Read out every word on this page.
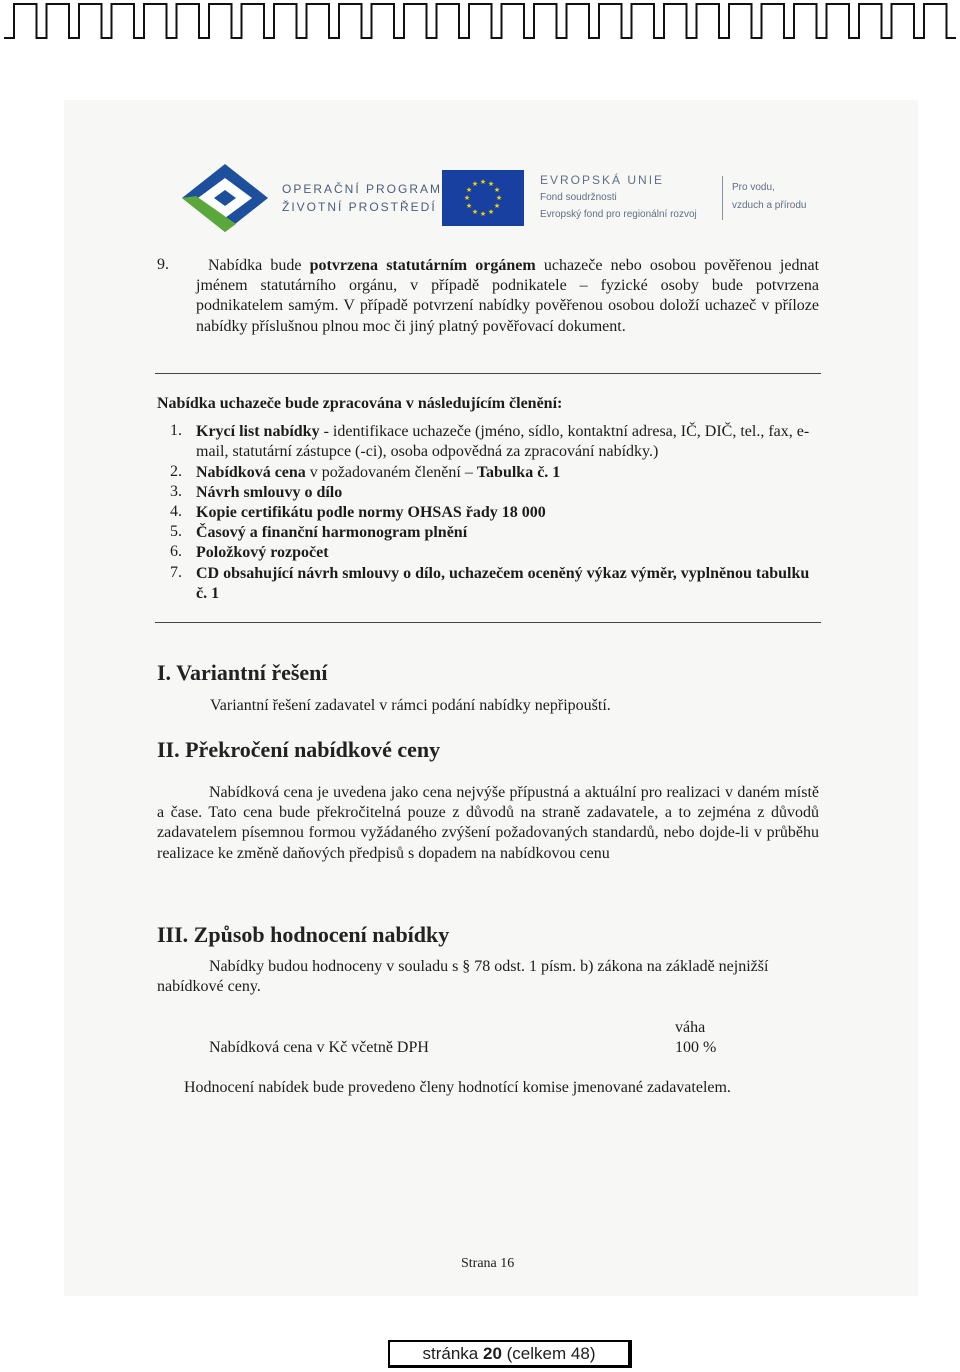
OPERAČNÍ PROGRAM
ŽIVOTNÍ PROSTŘEDÍ
★ ★
★
★
★
★
★
★
★
★
★
★	EVROPSKÁ UNIE
Fond soudržnosti
Evropský fond pro regionální rozvoj
Pro vodu,
vzduch a přírodu
9.	Nabídka bude potvrzena statutárním orgánem uchazeče nebo osobou pověřenou jednat jménem statutárního orgánu, v případě podnikatele – fyzické osoby bude potvrzena podnikatelem samým. V případě potvrzení nabídky pověřenou osobou doloží uchazeč v příloze nabídky příslušnou plnou moc či jiný platný pověřovací dokument.
Nabídka uchazeče bude zpracována v následujícím členění:
1. Krycí list nabídky - identifikace uchazeče (jméno, sídlo, kontaktní adresa, IČ, DIČ, tel., fax, e-mail, statutární zástupce (-ci), osoba odpovědná za zpracování nabídky.)
2. Nabídková cena v požadovaném členění – Tabulka č. 1
3. Návrh smlouvy o dílo
4. Kopie certifikátu podle normy OHSAS řady 18 000
5. Časový a finanční harmonogram plnění
6. Položkový rozpočet
7. CD obsahující návrh smlouvy o dílo, uchazečem oceněný výkaz výměr, vyplněnou tabulku č. 1
I. Variantní řešení
Variantní řešení zadavatel v rámci podání nabídky nepřipouští.
II. Překročení nabídkové ceny
Nabídková cena je uvedena jako cena nejvýše přípustná a aktuální pro realizaci v daném místě a čase. Tato cena bude překročitelná pouze z důvodů na straně zadavatele, a to zejména z důvodů zadavatelem písemnou formou vyžádaného zvýšení požadovaných standardů, nebo dojde-li v průběhu realizace ke změně daňových předpisů s dopadem na nabídkovou cenu
III. Způsob hodnocení nabídky
Nabídky budou hodnoceny v souladu s § 78 odst. 1 písm. b) zákona na základě nejnižší nabídkové ceny.
váha
Nabídková cena v Kč včetně DPH	100 %
Hodnocení nabídek bude provedeno členy hodnotící komise jmenované zadavatelem.
Strana 16
stránka 20 (celkem 48)
